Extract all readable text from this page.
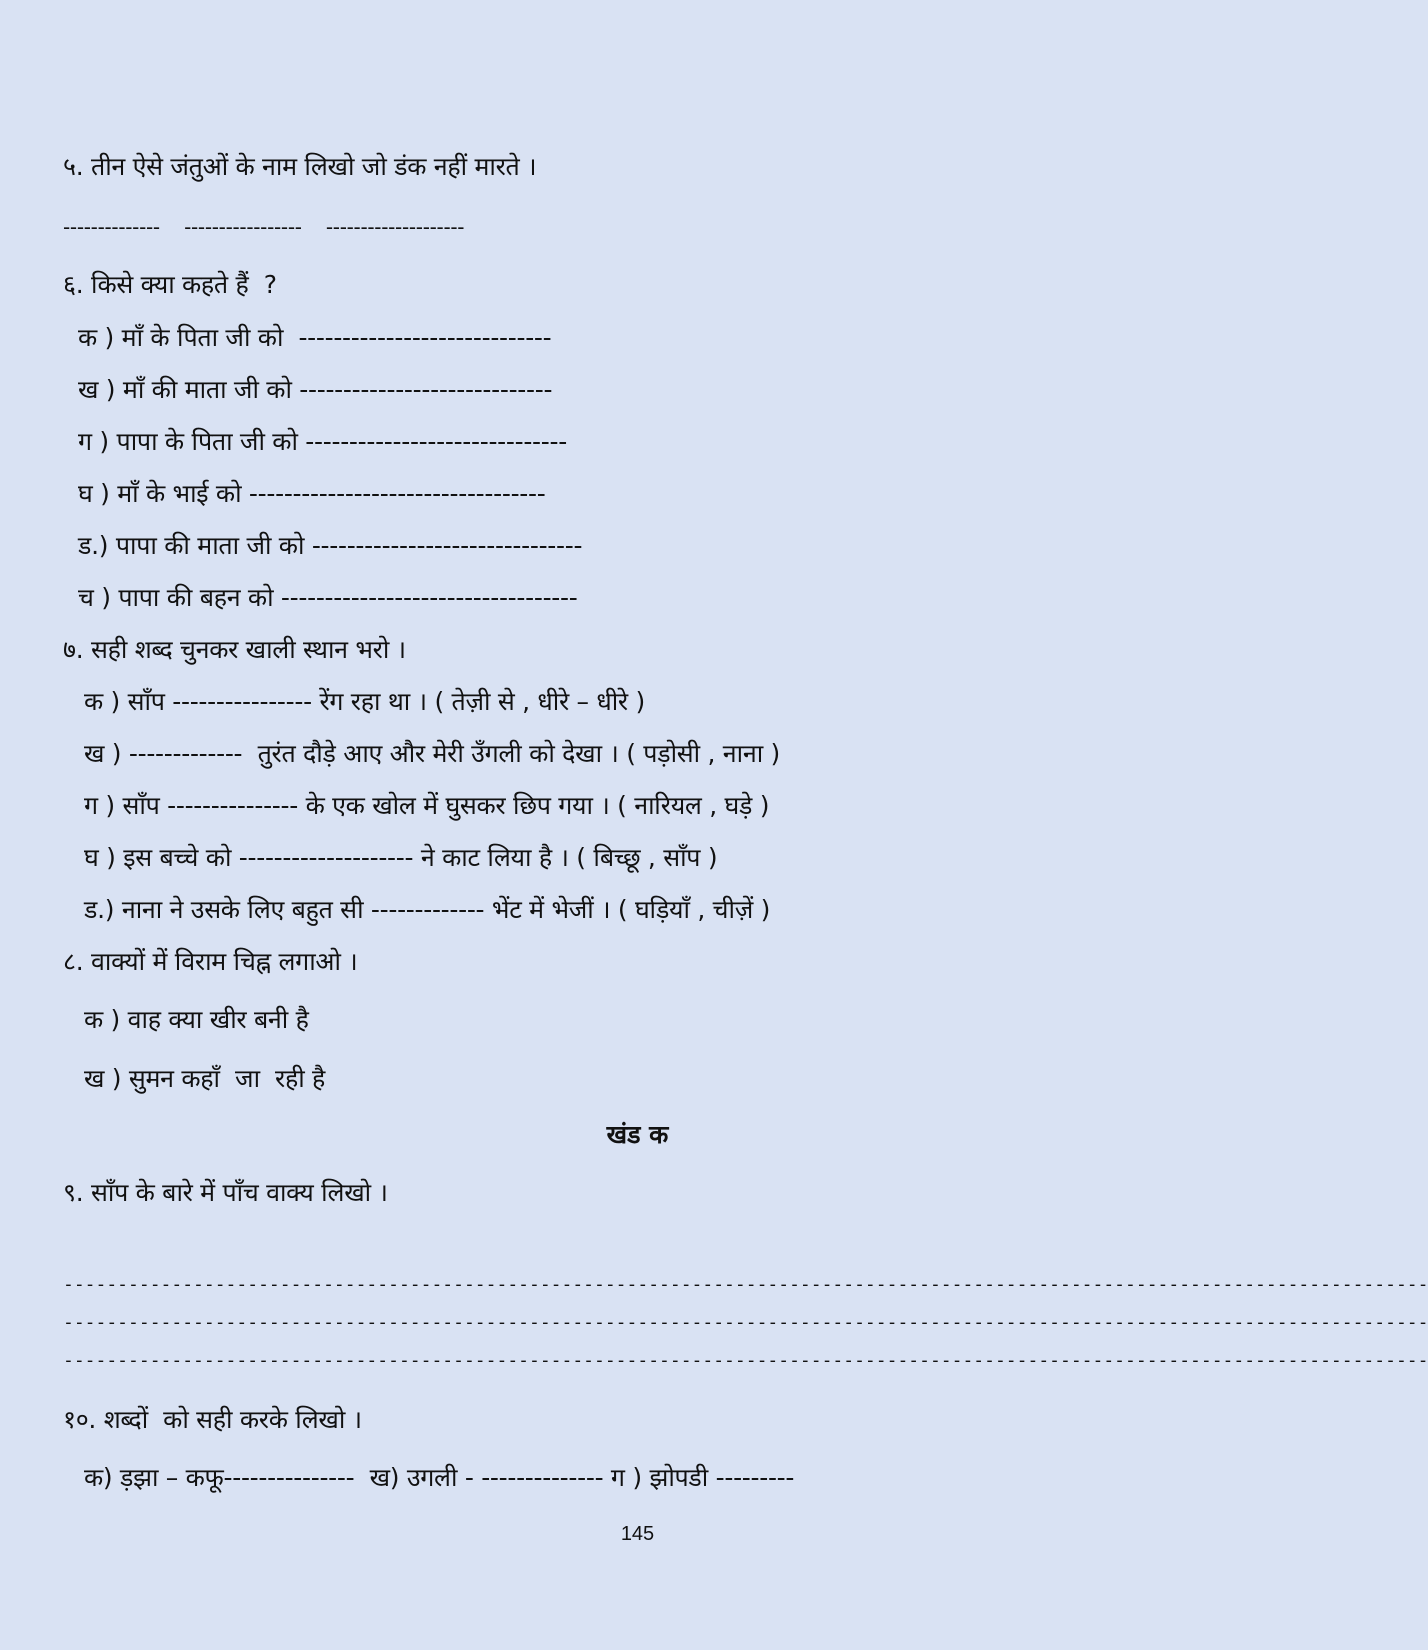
५. तीन ऐसे जंतुओं के नाम लिखो जो डंक नहीं मारते ।
--------------    -----------------    --------------------
६. किसे क्या कहते हैं  ?
क ) माँ के पिता जी को  -----------------------------
ख ) माँ की माता जी को -----------------------------
ग ) पापा के पिता जी को ------------------------------
घ ) माँ के भाई को ----------------------------------
ड.) पापा की माता जी को -------------------------------
च ) पापा की बहन को ----------------------------------
७. सही शब्द चुनकर खाली स्थान भरो ।
क ) साँप ---------------- रेंग रहा था । ( तेज़ी से , धीरे – धीरे )
ख ) -------------  तुरंत दौड़े आए और मेरी उँगली को देखा । ( पड़ोसी , नाना )
ग ) साँप --------------- के एक खोल में घुसकर छिप गया । ( नारियल , घड़े )
घ ) इस बच्चे को -------------------- ने काट लिया है । ( बिच्छू , साँप )
ड.) नाना ने उसके लिए बहुत सी ------------- भेंट में भेजीं । ( घड़ियाँ , चीज़ें )
८. वाक्यों में विराम चिह्न लगाओ ।
क ) वाह क्या खीर बनी है
ख ) सुमन कहाँ  जा  रही है
खंड क
९. साँप के बारे में पाँच वाक्य लिखो ।
------------------------------------------------------------------------------------------------------------------------------
------------------------------------------------------------------------------------------------------------------------------
------------------------------------------------------------------------------------------------------------------------------
१०. शब्दों  को सही करके लिखो ।
क) ड़झा – कफू---------------  ख) उगली - -------------- ग ) झोपडी ---------
145
